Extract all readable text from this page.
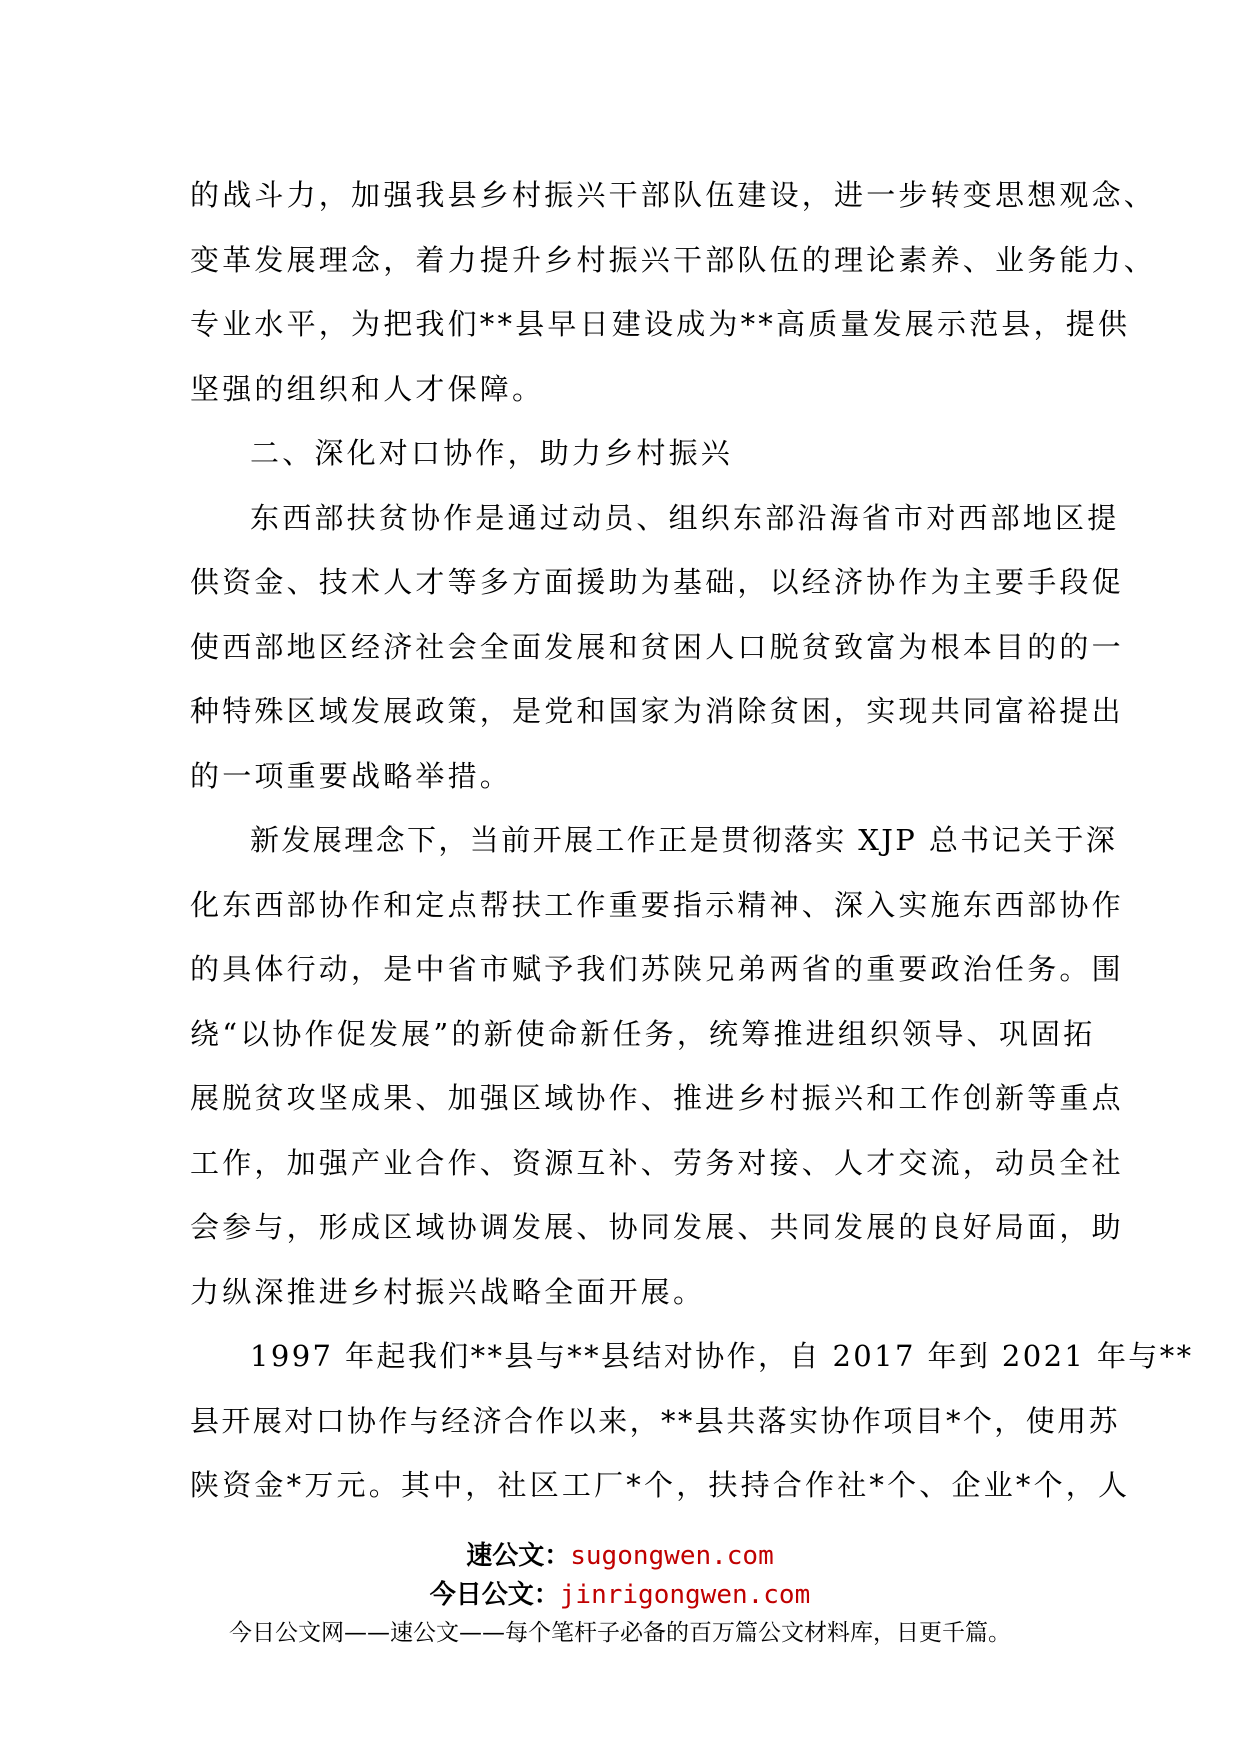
的战斗力，加强我县乡村振兴干部队伍建设，进一步转变思想观念、
变革发展理念，着力提升乡村振兴干部队伍的理论素养、业务能力、
专业水平，为把我们**县早日建设成为**高质量发展示范县，提供
坚强的组织和人才保障。
二、深化对口协作，助力乡村振兴
东西部扶贫协作是通过动员、组织东部沿海省市对西部地区提
供资金、技术人才等多方面援助为基础，以经济协作为主要手段促
使西部地区经济社会全面发展和贫困人口脱贫致富为根本目的的一
种特殊区域发展政策，是党和国家为消除贫困，实现共同富裕提出
的一项重要战略举措。
新发展理念下，当前开展工作正是贯彻落实 XJP 总书记关于深
化东西部协作和定点帮扶工作重要指示精神、深入实施东西部协作
的具体行动，是中省市赋予我们苏陕兄弟两省的重要政治任务。围
绕“以协作促发展”的新使命新任务，统筹推进组织领导、巩固拓
展脱贫攻坚成果、加强区域协作、推进乡村振兴和工作创新等重点
工作，加强产业合作、资源互补、劳务对接、人才交流，动员全社
会参与，形成区域协调发展、协同发展、共同发展的良好局面，助
力纵深推进乡村振兴战略全面开展。
1997 年起我们**县与**县结对协作，自 2017 年到 2021 年与**
县开展对口协作与经济合作以来，**县共落实协作项目*个，使用苏
陕资金*万元。其中，社区工厂*个，扶持合作社*个、企业*个，人
速公文：sugongwen.com
今日公文：jinrigongwen.com
今日公文网——速公文——每个笔杆子必备的百万篇公文材料库，日更千篇。
